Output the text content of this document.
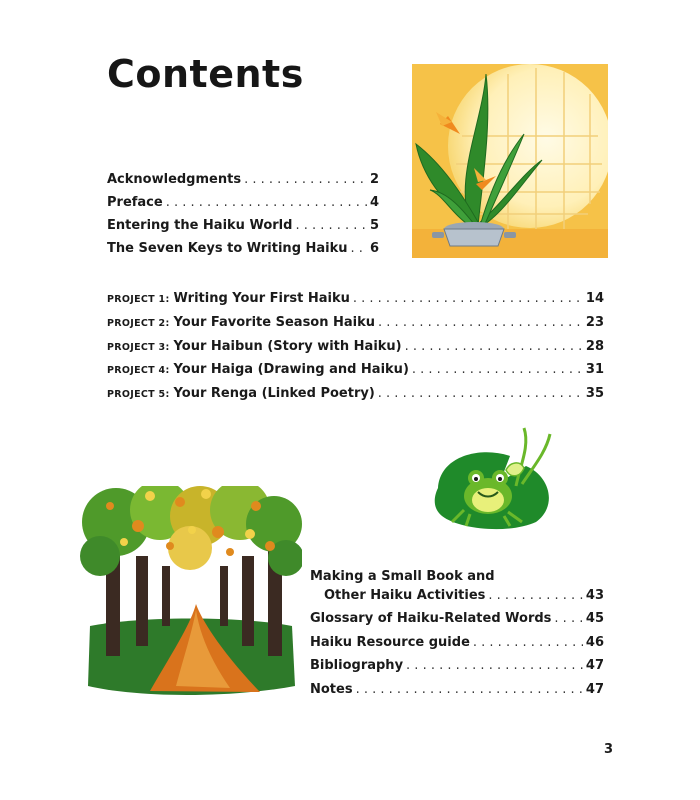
Contents
Acknowledgments . . .	2
Preface . . .	4
Entering the Haiku World . . .	5
The Seven Keys to Writing Haiku . . . 6
PROJECT 1: Writing Your First Haiku . . .	14
PROJECT 2: Your Favorite Season Haiku . . .	23
PROJECT 3: Your Haibun (Story with Haiku) . . .	28
PROJECT 4: Your Haiga (Drawing and Haiku) . . .	31
PROJECT 5: Your Renga (Linked Poetry) . . .	35
Making a Small Book and
Other Haiku Activities . . .	43
Glossary of Haiku-Related Words . . .	45
Haiku Resource guide . . .	46
Bibliography . . .	47
Notes . . .	47
3
